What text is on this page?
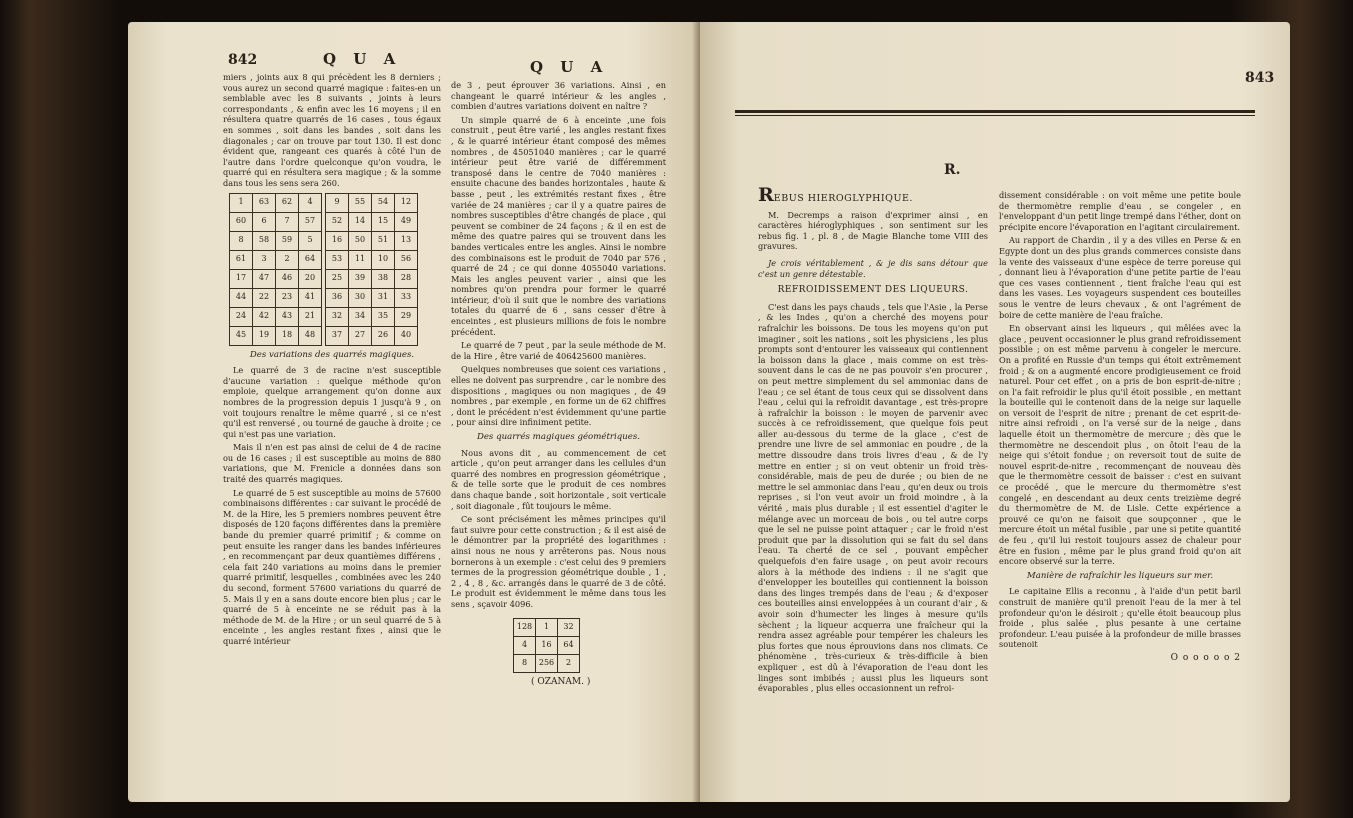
842	Q U A	Q U A

miers , joints aux 8 qui précèdent les 8 derniers ; vous aurez un second quarré magique : faites-en un semblable avec les 8 suivants , joints à leurs correspondants , & enfin avec les 16 moyens ; il en résultera quatre quarrés de 16 cases , tous égaux en sommes , soit dans les bandes , soit dans les diagonales ; car on trouve par tout 130. Il est donc évident que, rangeant ces quarés à côté l'un de l'autre dans l'ordre quelconque qu'on voudra, le quarré qui en résultera sera magique ; & la somme dans tous les sens sera 260.

1	63	62	4
60	6	7	57
8	58	59	5
61	3	2	64
17	47	46	20
44	22	23	41
24	42	43	21
45	19	18	48
9	55	54	12
52	14	15	49
16	50	51	13
53	11	10	56
25	39	38	28
36	30	31	33
32	34	35	29
37	27	26	40
Des variations des quarrés magiques.

Le quarré de 3 de racine n'est susceptible d'aucune variation : quelque méthode qu'on emploie, quelque arrangement qu'on donne aux nombres de la progression depuis 1 jusqu'à 9 , on voit toujours renaître le même quarré , si ce n'est qu'il est renversé , ou tourné de gauche à droite ; ce qui n'est pas une variation.

Mais il n'en est pas ainsi de celui de 4 de racine ou de 16 cases ; il est susceptible au moins de 880 variations, que M. Frenicle a données dans son traité des quarrés magiques.

Le quarré de 5 est susceptible au moins de 57600 combinaisons différentes : car suivant le procédé de M. de la Hire, les 5 premiers nombres peuvent être disposés de 120 façons différentes dans la première bande du premier quarré primitif ; & comme on peut ensuite les ranger dans les bandes inférieures , en recommençant par deux quantièmes différens , cela fait 240 variations au moins dans le premier quarré primitif, lesquelles , combinées avec les 240 du second, forment 57600 variations du quarré de 5. Mais il y en a sans doute encore bien plus ; car le quarré de 5 à enceinte ne se réduit pas à la méthode de M. de la Hire ; or un seul quarré de 5 à enceinte , les angles restant fixes , ainsi que le quarré intérieur

de 3 , peut éprouver 36 variations. Ainsi , en changeant le quarré intérieur & les angles , combien d'autres variations doivent en naître ?

Un simple quarré de 6 à enceinte ,une fois construit , peut être varié , les angles restant fixes , & le quarré intérieur étant composé des mêmes nombres , de 45051040 manières ; car le quarré intérieur peut être varié de différemment transposé dans le centre de 7040 manières : ensuite chacune des bandes horizontales , haute & basse , peut , les extrémités restant fixes , être variée de 24 manières ; car il y a quatre paires de nombres susceptibles d'être changés de place , qui peuvent se combiner de 24 façons ; & il en est de même des quatre paires qui se trouvent dans les bandes verticales entre les angles. Ainsi le nombre des combinaisons est le produit de 7040 par 576 , quarré de 24 ; ce qui donne 4055040 variations. Mais les angles peuvent varier , ainsi que les nombres qu'on prendra pour former le quarré intérieur, d'où il suit que le nombre des variations totales du quarré de 6 , sans cesser d'être à enceintes , est plusieurs millions de fois le nombre précédent.

Le quarré de 7 peut , par la seule méthode de M. de la Hire , être varié de 406425600 manières.

Quelques nombreuses que soient ces variations , elles ne doivent pas surprendre , car le nombre des dispositions , magiques ou non magiques , de 49 nombres , par exemple , en forme un de 62 chiffres , dont le précédent n'est évidemment qu'une partie , pour ainsi dire infiniment petite.

Des quarrés magiques géométriques.

Nous avons dit , au commencement de cet article , qu'on peut arranger dans les cellules d'un quarré des nombres en progression géométrique , & de telle sorte que le produit de ces nombres dans chaque bande , soit horizontale , soit verticale , soit diagonale , fût toujours le même.

Ce sont précisément les mêmes principes qu'il faut suivre pour cette construction ; & il est aisé de le démontrer par la propriété des logarithmes : ainsi nous ne nous y arrêterons pas. Nous nous bornerons à un exemple : c'est celui des 9 premiers termes de la progression géométrique double , 1 , 2 , 4 , 8 , &c. arrangés dans le quarré de 3 de côté. Le produit est évidemment le même dans tous les sens , sçavoir 4096.

128	1	32
4	16	64
8	256	2
( OZANAM. )
843
R.
REBUS HIEROGLYPHIQUE.

M. Decremps a raison d'exprimer ainsi , en caractères hiéroglyphiques , son sentiment sur les rebus fig. 1 , pl. 8 , de Magie Blanche tome VIII des gravures.

Je crois véritablement , & je dis sans détour que c'est un genre détestable.

REFROIDISSEMENT DES LIQUEURS.

C'est dans les pays chauds , tels que l'Asie , la Perse , & les Indes , qu'on a cherché des moyens pour rafraîchir les boissons. De tous les moyens qu'on put imaginer , soit les nations , soit les physiciens , les plus prompts sont d'entourer les vaisseaux qui contiennent la boisson dans la glace , mais comme on est très-souvent dans le cas de ne pas pouvoir s'en procurer , on peut mettre simplement du sel ammoniac dans de l'eau ; ce sel étant de tous ceux qui se dissolvent dans l'eau , celui qui la refroidit davantage , est très-propre à rafraîchir la boisson : le moyen de parvenir avec succès à ce refroidissement, que quelque fois peut aller au-dessous du terme de la glace , c'est de prendre une livre de sel ammoniac en poudre , de la mettre dissoudre dans trois livres d'eau , & de l'y mettre en entier ; si on veut obtenir un froid très-considérable, mais de peu de durée ; ou bien de ne mettre le sel ammoniac dans l'eau , qu'en deux ou trois reprises , si l'on veut avoir un froid moindre , à la vérité , mais plus durable ; il est essentiel d'agiter le mélange avec un morceau de bois , ou tel autre corps que le sel ne puisse point attaquer ; car le froid n'est produit que par la dissolution qui se fait du sel dans l'eau. Ta cherté de ce sel , pouvant empêcher quelquefois d'en faire usage , on peut avoir recours alors à la méthode des indiens : il ne s'agit que d'envelopper les bouteilles qui contiennent la boisson dans des linges trempés dans de l'eau ; & d'exposer ces bouteilles ainsi enveloppées à un courant d'air , & avoir soin d'humecter les linges à mesure qu'ils sèchent ; la liqueur acquerra une fraîcheur qui la rendra assez agréable pour tempérer les chaleurs les plus fortes que nous éprouvions dans nos climats. Ce phénomène , très-curieux & très-difficile à bien expliquer , est dû à l'évaporation de l'eau dont les linges sont imbibés ; aussi plus les liqueurs sont évaporables , plus elles occasionnent un refroi-

dissement considérable : on voit même une petite boule de thermomètre remplie d'eau , se congeler , en l'enveloppant d'un petit linge trempé dans l'éther, dont on précipite encore l'évaporation en l'agitant circulairement.

Au rapport de Chardin , il y a des villes en Perse & en Egypte dont un des plus grands commerces consiste dans la vente des vaisseaux d'une espèce de terre poreuse qui , donnant lieu à l'évaporation d'une petite partie de l'eau que ces vases contiennent , tient fraîche l'eau qui est dans les vases. Les voyageurs suspendent ces bouteilles sous le ventre de leurs chevaux , & ont l'agrément de boire de cette manière de l'eau fraîche.

En observant ainsi les liqueurs , qui mêlées avec la glace , peuvent occasionner le plus grand refroidissement possible ; on est même parvenu à congeler le mercure. On a profité en Russie d'un temps qui étoit extrêmement froid ; & on a augmenté encore prodigieusement ce froid naturel. Pour cet effet , on a pris de bon esprit-de-nitre ; on l'a fait refroidir le plus qu'il étoit possible , en mettant la bouteille qui le contenoit dans de la neige sur laquelle on versoit de l'esprit de nitre ; prenant de cet esprit-de-nitre ainsi refroidi , on l'a versé sur de la neige , dans laquelle étoit un thermomètre de mercure ; dès que le thermomètre ne descendoit plus , on ôtoit l'eau de la neige qui s'étoit fondue ; on reversoit tout de suite de nouvel esprit-de-nitre , recommençant de nouveau dès que le thermomètre cessoit de baisser : c'est en suivant ce procédé , que le mercure du thermomètre s'est congelé , en descendant au deux cents treizième degré du thermomètre de M. de Lisle. Cette expérience a prouvé ce qu'on ne faisoit que soupçonner , que le mercure étoit un métal fusible , par une si petite quantité de feu , qu'il lui restoit toujours assez de chaleur pour être en fusion , même par le plus grand froid qu'on ait encore observé sur la terre.

Manière de rafraîchir les liqueurs sur mer.

Le capitaine Ellis a reconnu , à l'aide d'un petit baril construit de manière qu'il prenoit l'eau de la mer à tel profondeur qu'on le désiroit ; qu'elle étoit beaucoup plus froide , plus salée , plus pesante à une certaine profondeur. L'eau puisée à la profondeur de mille brasses soutenoit

O o o o o o 2
